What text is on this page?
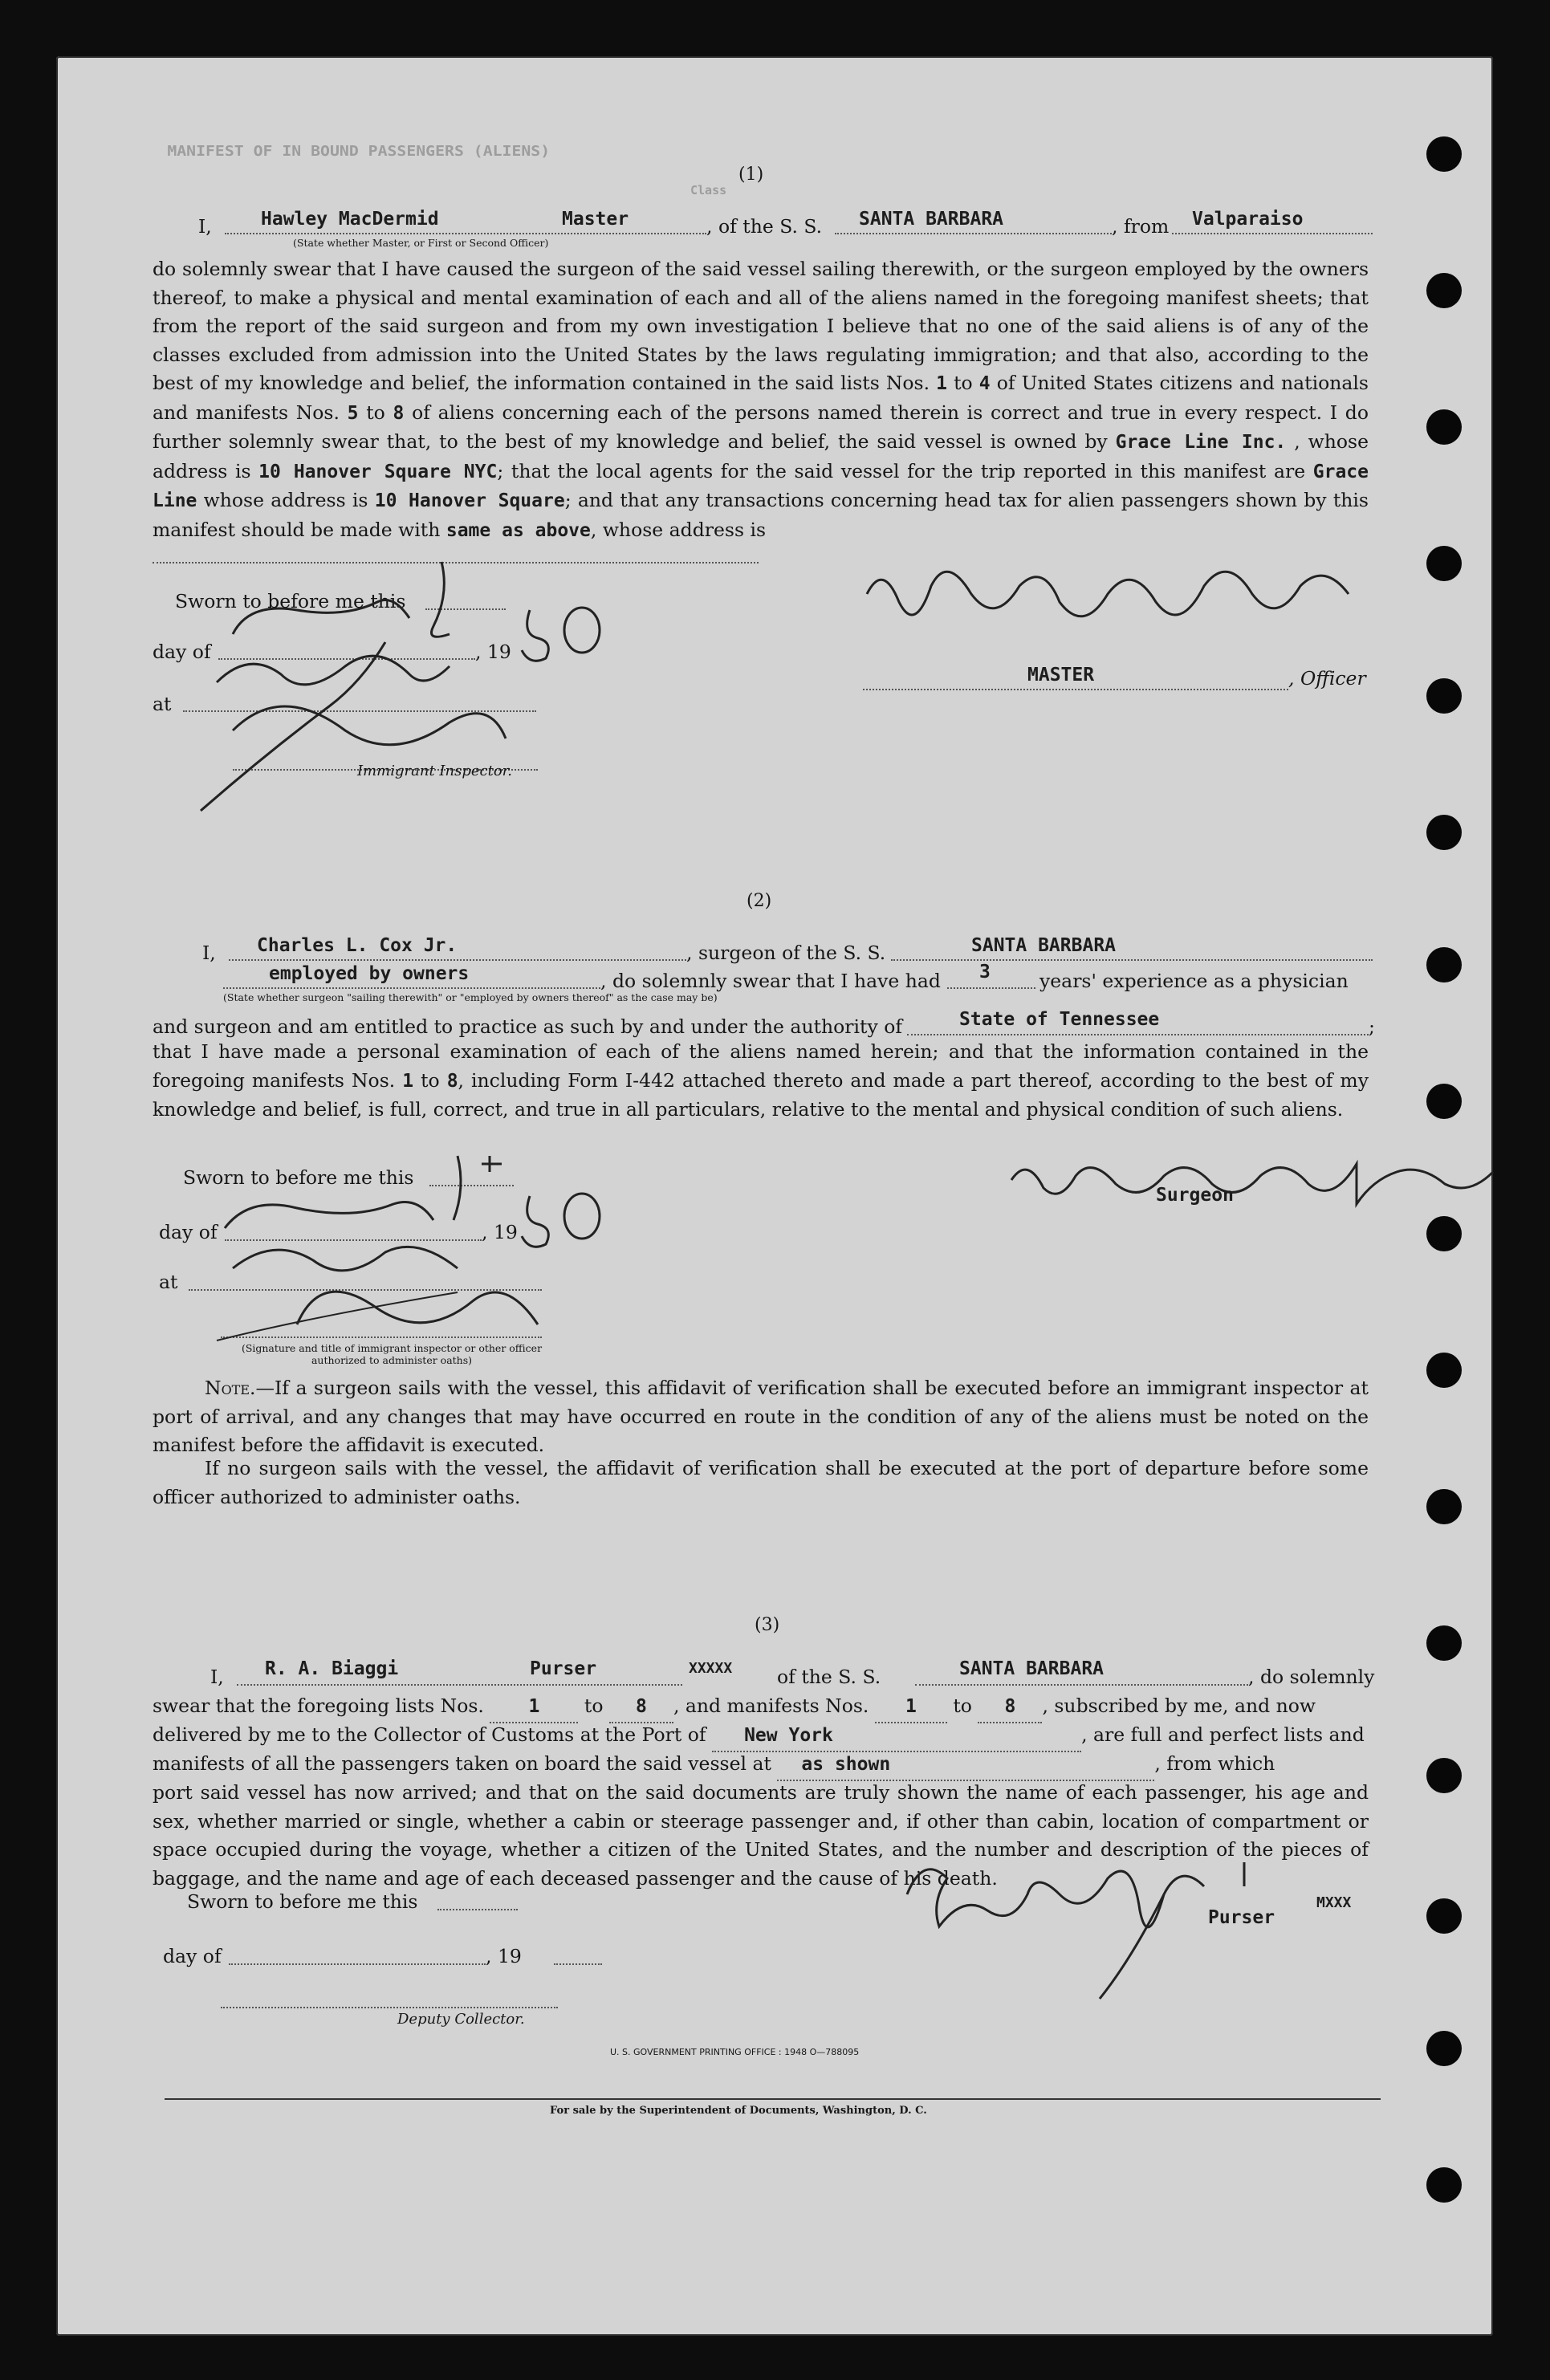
MANIFEST OF IN BOUND PASSENGERS (ALIENS)
Class
(1)
I,	Hawley MacDermid	Master
(State whether Master, or First or Second Officer)
, of the S. S. SANTA BARBARA	, from Valparaiso
do solemnly swear that I have caused the surgeon of the said vessel sailing therewith, or the surgeon employed by the owners thereof, to make a physical and mental examination of each and all of the aliens named in the foregoing manifest sheets; that from the report of the said surgeon and from my own investigation I believe that no one of the said aliens is of any of the classes excluded from admission into the United States by the laws regulating immigration; and that also, according to the best of my knowledge and belief, the information contained in the said lists Nos. 1 to 4 of United States citizens and nationals and manifests Nos. 5 to 8 of aliens concerning each of the persons named therein is correct and true in every respect. I do further solemnly swear that, to the best of my knowledge and belief, the said vessel is owned by Grace Line Inc. , whose address is 10 Hanover Square NYC; that the local agents for the said vessel for the trip reported in this manifest are Grace Line whose address is 10 Hanover Square; and that any transactions concerning head tax for alien passengers shown by this manifest should be made with same as above, whose address is
Sworn to before me this
day of	, 19
at
Immigrant Inspector.
MASTER	, Officer
(2)
I, Charles L. Cox Jr.	, surgeon of the S. S.	SANTA BARBARA
employed by owners	, do solemnly swear that I have had 3	years' experience as a physician
(State whether surgeon "sailing therewith" or "employed by owners thereof" as the case may be)
and surgeon and am entitled to practice as such by and under the authority of	State of Tennessee	;
that I have made a personal examination of each of the aliens named herein; and that the information contained in the foregoing manifests Nos. 1 to 8, including Form I-442 attached thereto and made a part thereof, according to the best of my knowledge and belief, is full, correct, and true in all particulars, relative to the mental and physical condition of such aliens.
Sworn to before me this
day of	, 19
at
(Signature and title of immigrant inspector or other officer authorized to administer oaths)
Surgeon
Note.—If a surgeon sails with the vessel, this affidavit of verification shall be executed before an immigrant inspector at port of arrival, and any changes that may have occurred en route in the condition of any of the aliens must be noted on the manifest before the affidavit is executed.
If no surgeon sails with the vessel, the affidavit of verification shall be executed at the port of departure before some officer authorized to administer oaths.
(3)
I, R. A. Biaggi	Purser	XXXXX of the S. S.	SANTA BARBARA	, do solemnly
swear that the foregoing lists Nos. 1 to 8 , and manifests Nos. 1 to 8 , subscribed by me, and now
delivered by me to the Collector of Customs at the Port of New York	, are full and perfect lists and
manifests of all the passengers taken on board the said vessel at as shown	, from which
port said vessel has now arrived; and that on the said documents are truly shown the name of each passenger, his age and sex, whether married or single, whether a cabin or steerage passenger and, if other than cabin, location of compartment or space occupied during the voyage, whether a citizen of the United States, and the number and description of the pieces of baggage, and the name and age of each deceased passenger and the cause of his death.
Sworn to before me this
day of	, 19
Deputy Collector.
Purser
MXXX
U. S. GOVERNMENT PRINTING OFFICE : 1948 O—788095
For sale by the Superintendent of Documents, Washington, D. C.
